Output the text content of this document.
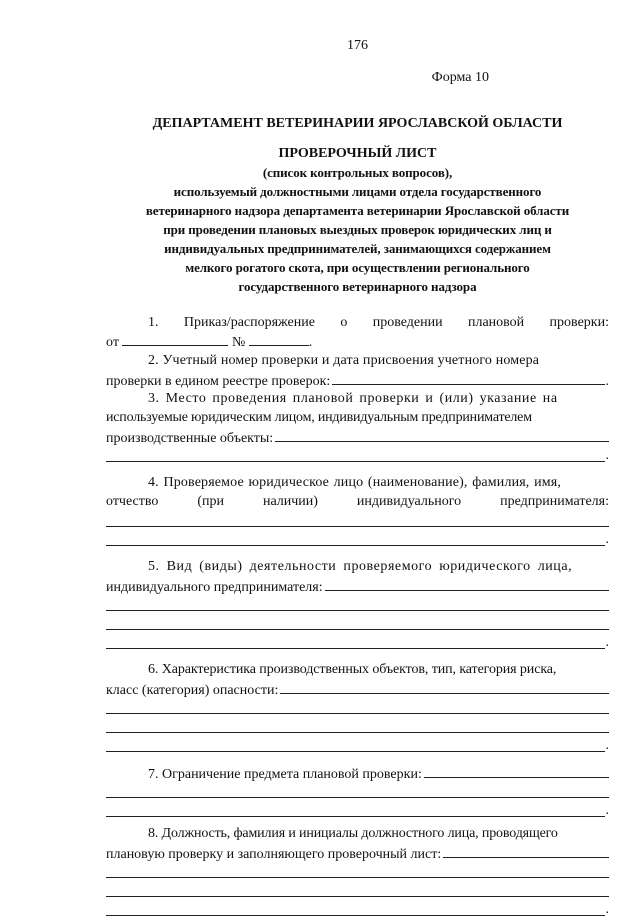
176
Форма 10
ДЕПАРТАМЕНТ ВЕТЕРИНАРИИ ЯРОСЛАВСКОЙ ОБЛАСТИ
ПРОВЕРОЧНЫЙ ЛИСТ
(список контрольных вопросов),
используемый должностными лицами отдела государственного
ветеринарного надзора департамента ветеринарии Ярославской области
при проведении плановых выездных проверок юридических лиц и
индивидуальных предпринимателей, занимающихся содержанием
мелкого рогатого скота, при осуществлении регионального
государственного ветеринарного надзора
1. Приказ/распоряжение о проведении плановой проверки:
от	№	.
2. Учетный номер проверки и дата присвоения учетного номера
проверки в едином реестре проверок:	.
3. Место проведения плановой проверки и (или) указание на
используемые юридическим лицом, индивидуальным предпринимателем
производственные объекты:
.
4. Проверяемое юридическое лицо (наименование), фамилия, имя,
отчество	(при	наличии)	индивидуального	предпринимателя:
.
5. Вид (виды) деятельности проверяемого юридического лица,
индивидуального предпринимателя:
.
6. Характеристика производственных объектов, тип, категория риска,
класс (категория) опасности:
.
7. Ограничение предмета плановой проверки:
.
8. Должность, фамилия и инициалы должностного лица, проводящего
плановую проверку и заполняющего проверочный лист:
.
